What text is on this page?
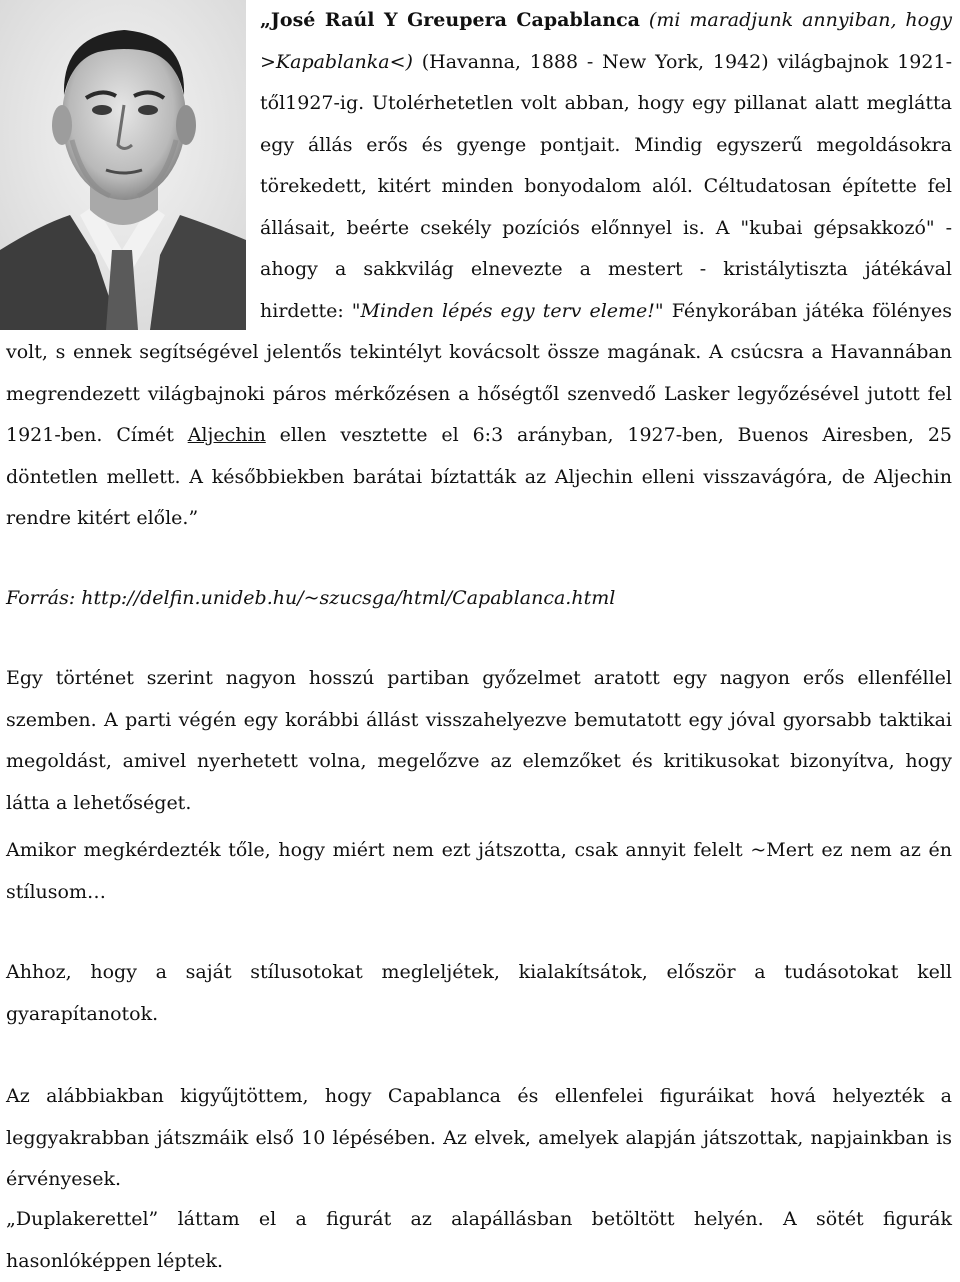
„José Raúl Y Greupera Capablanca (mi maradjunk annyiban, hogy >Kapablanka<) (Havanna, 1888 - New York, 1942) világbajnok 1921-től1927-ig. Utolérhetetlen volt abban, hogy egy pillanat alatt meglátta egy állás erős és gyenge pontjait. Mindig egyszerű megoldásokra törekedett, kitért minden bonyodalom alól. Céltudatosan építette fel állásait, beérte csekély pozíciós előnnyel is. A "kubai gépsakkozó" - ahogy a sakkvilág elnevezte a mestert - kristálytiszta játékával hirdette: "Minden lépés egy terv eleme!" Fénykorában játéka fölényes volt, s ennek segítségével jelentős tekintélyt kovácsolt össze magának. A csúcsra a Havannában megrendezett világbajnoki páros mérkőzésen a hőségtől szenvedő Lasker legyőzésével jutott fel 1921-ben. Címét Aljechin ellen vesztette el 6:3 arányban, 1927-ben, Buenos Airesben, 25 döntetlen mellett. A későbbiekben barátai bíztatták az Aljechin elleni visszavágóra, de Aljechin rendre kitért előle.”

Forrás: http://delfin.unideb.hu/~szucsga/html/Capablanca.html

Egy történet szerint nagyon hosszú partiban győzelmet aratott egy nagyon erős ellenféllel szemben. A parti végén egy korábbi állást visszahelyezve bemutatott egy jóval gyorsabb taktikai megoldást, amivel nyerhetett volna, megelőzve az elemzőket és kritikusokat bizonyítva, hogy látta a lehetőséget.

Amikor megkérdezték tőle, hogy miért nem ezt játszotta, csak annyit felelt ~Mert ez nem az én stílusom…

Ahhoz, hogy a saját stílusotokat megleljétek, kialakítsátok, először a tudásotokat kell gyarapítanotok.

Az alábbiakban kigyűjtöttem, hogy Capablanca és ellenfelei figuráikat hová helyezték a leggyakrabban játszmáik első 10 lépésében. Az elvek, amelyek alapján játszottak, napjainkban is érvényesek.

„Duplakerettel” láttam el a figurát az alapállásban betöltött helyén. A sötét figurák hasonlóképpen léptek.
